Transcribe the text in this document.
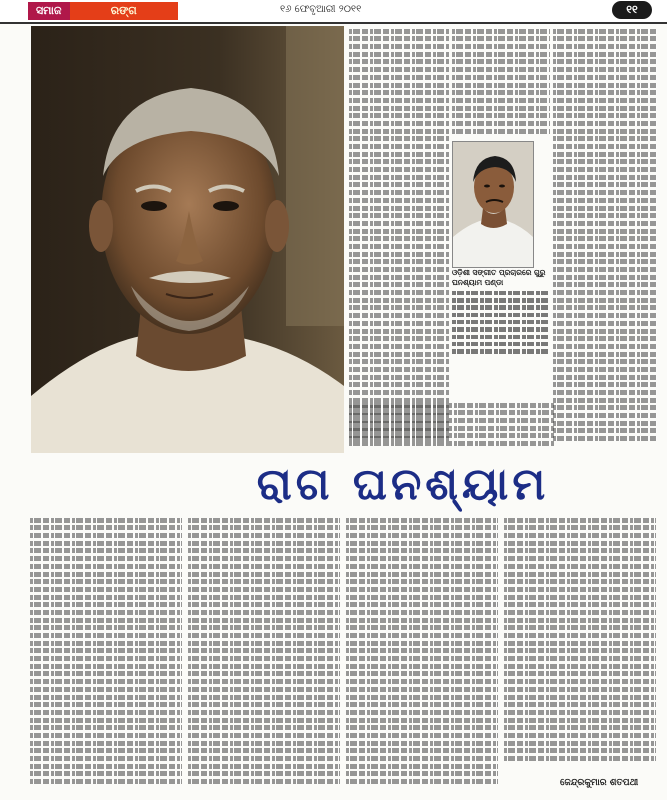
ସମାଜ	ରଙ୍ଗ	୧୬ ଫେବୃଆରୀ ୨୦୧୧	୧୧
ଓଡ଼ିଶୀ ସଙ୍ଗୀତ ପ୍ରଚାରରେ ଗୁରୁ ଘନଶ୍ୟାମ ପଣ୍ଡା
ରାଗ ଘନଶ୍ୟାମ
ଜେନ୍ଦ୍ରକୁମାର ଶତପଥୀ
